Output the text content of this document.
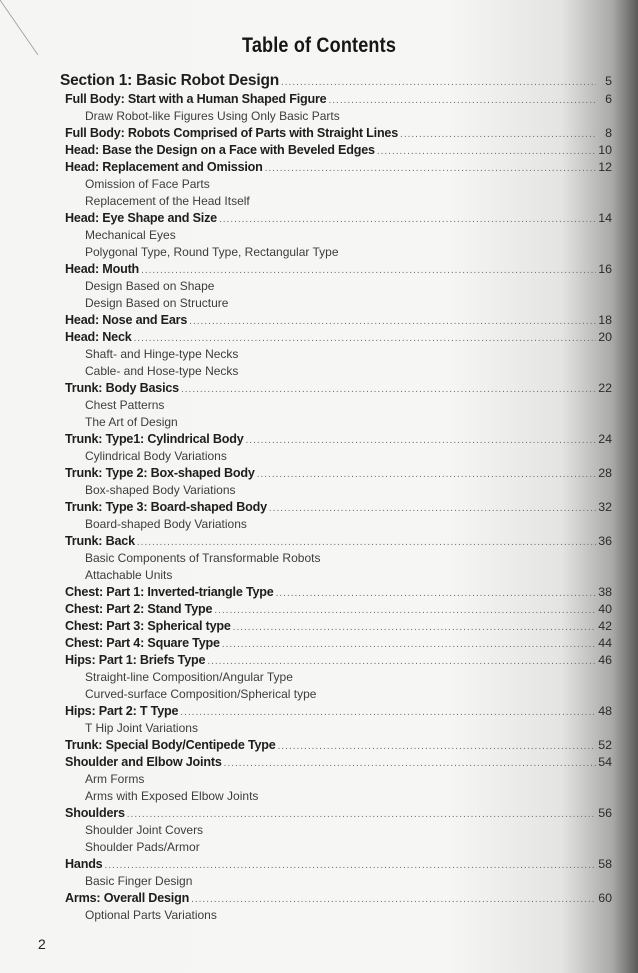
Table of Contents
Section 1: Basic Robot Design .....	5
Full Body: Start with a Human Shaped Figure .....	6
Draw Robot-like Figures Using Only Basic Parts
Full Body: Robots Comprised of Parts with Straight Lines .....	8
Head: Base the Design on a Face with Beveled Edges .....	10
Head: Replacement and Omission .....	12
Omission of Face Parts
Replacement of the Head Itself
Head: Eye Shape and Size .....	14
Mechanical Eyes
Polygonal Type, Round Type, Rectangular Type
Head: Mouth .....	16
Design Based on Shape
Design Based on Structure
Head: Nose and Ears .....	18
Head: Neck .....	20
Shaft- and Hinge-type Necks
Cable- and Hose-type Necks
Trunk: Body Basics .....	22
Chest Patterns
The Art of Design
Trunk: Type1: Cylindrical Body .....	24
Cylindrical Body Variations
Trunk: Type 2: Box-shaped Body .....	28
Box-shaped Body Variations
Trunk: Type 3: Board-shaped Body .....	32
Board-shaped Body Variations
Trunk: Back .....	36
Basic Components of Transformable Robots
Attachable Units
Chest: Part 1: Inverted-triangle Type .....	38
Chest: Part 2: Stand Type .....	40
Chest: Part 3: Spherical type .....	42
Chest: Part 4: Square Type .....	44
Hips: Part 1: Briefs Type .....	46
Straight-line Composition/Angular Type
Curved-surface Composition/Spherical type
Hips: Part 2: T Type .....	48
T Hip Joint Variations
Trunk: Special Body/Centipede Type .....	52
Shoulder and Elbow Joints .....	54
Arm Forms
Arms with Exposed Elbow Joints
Shoulders .....	56
Shoulder Joint Covers
Shoulder Pads/Armor
Hands .....	58
Basic Finger Design
Arms: Overall Design .....	60
Optional Parts Variations
2
